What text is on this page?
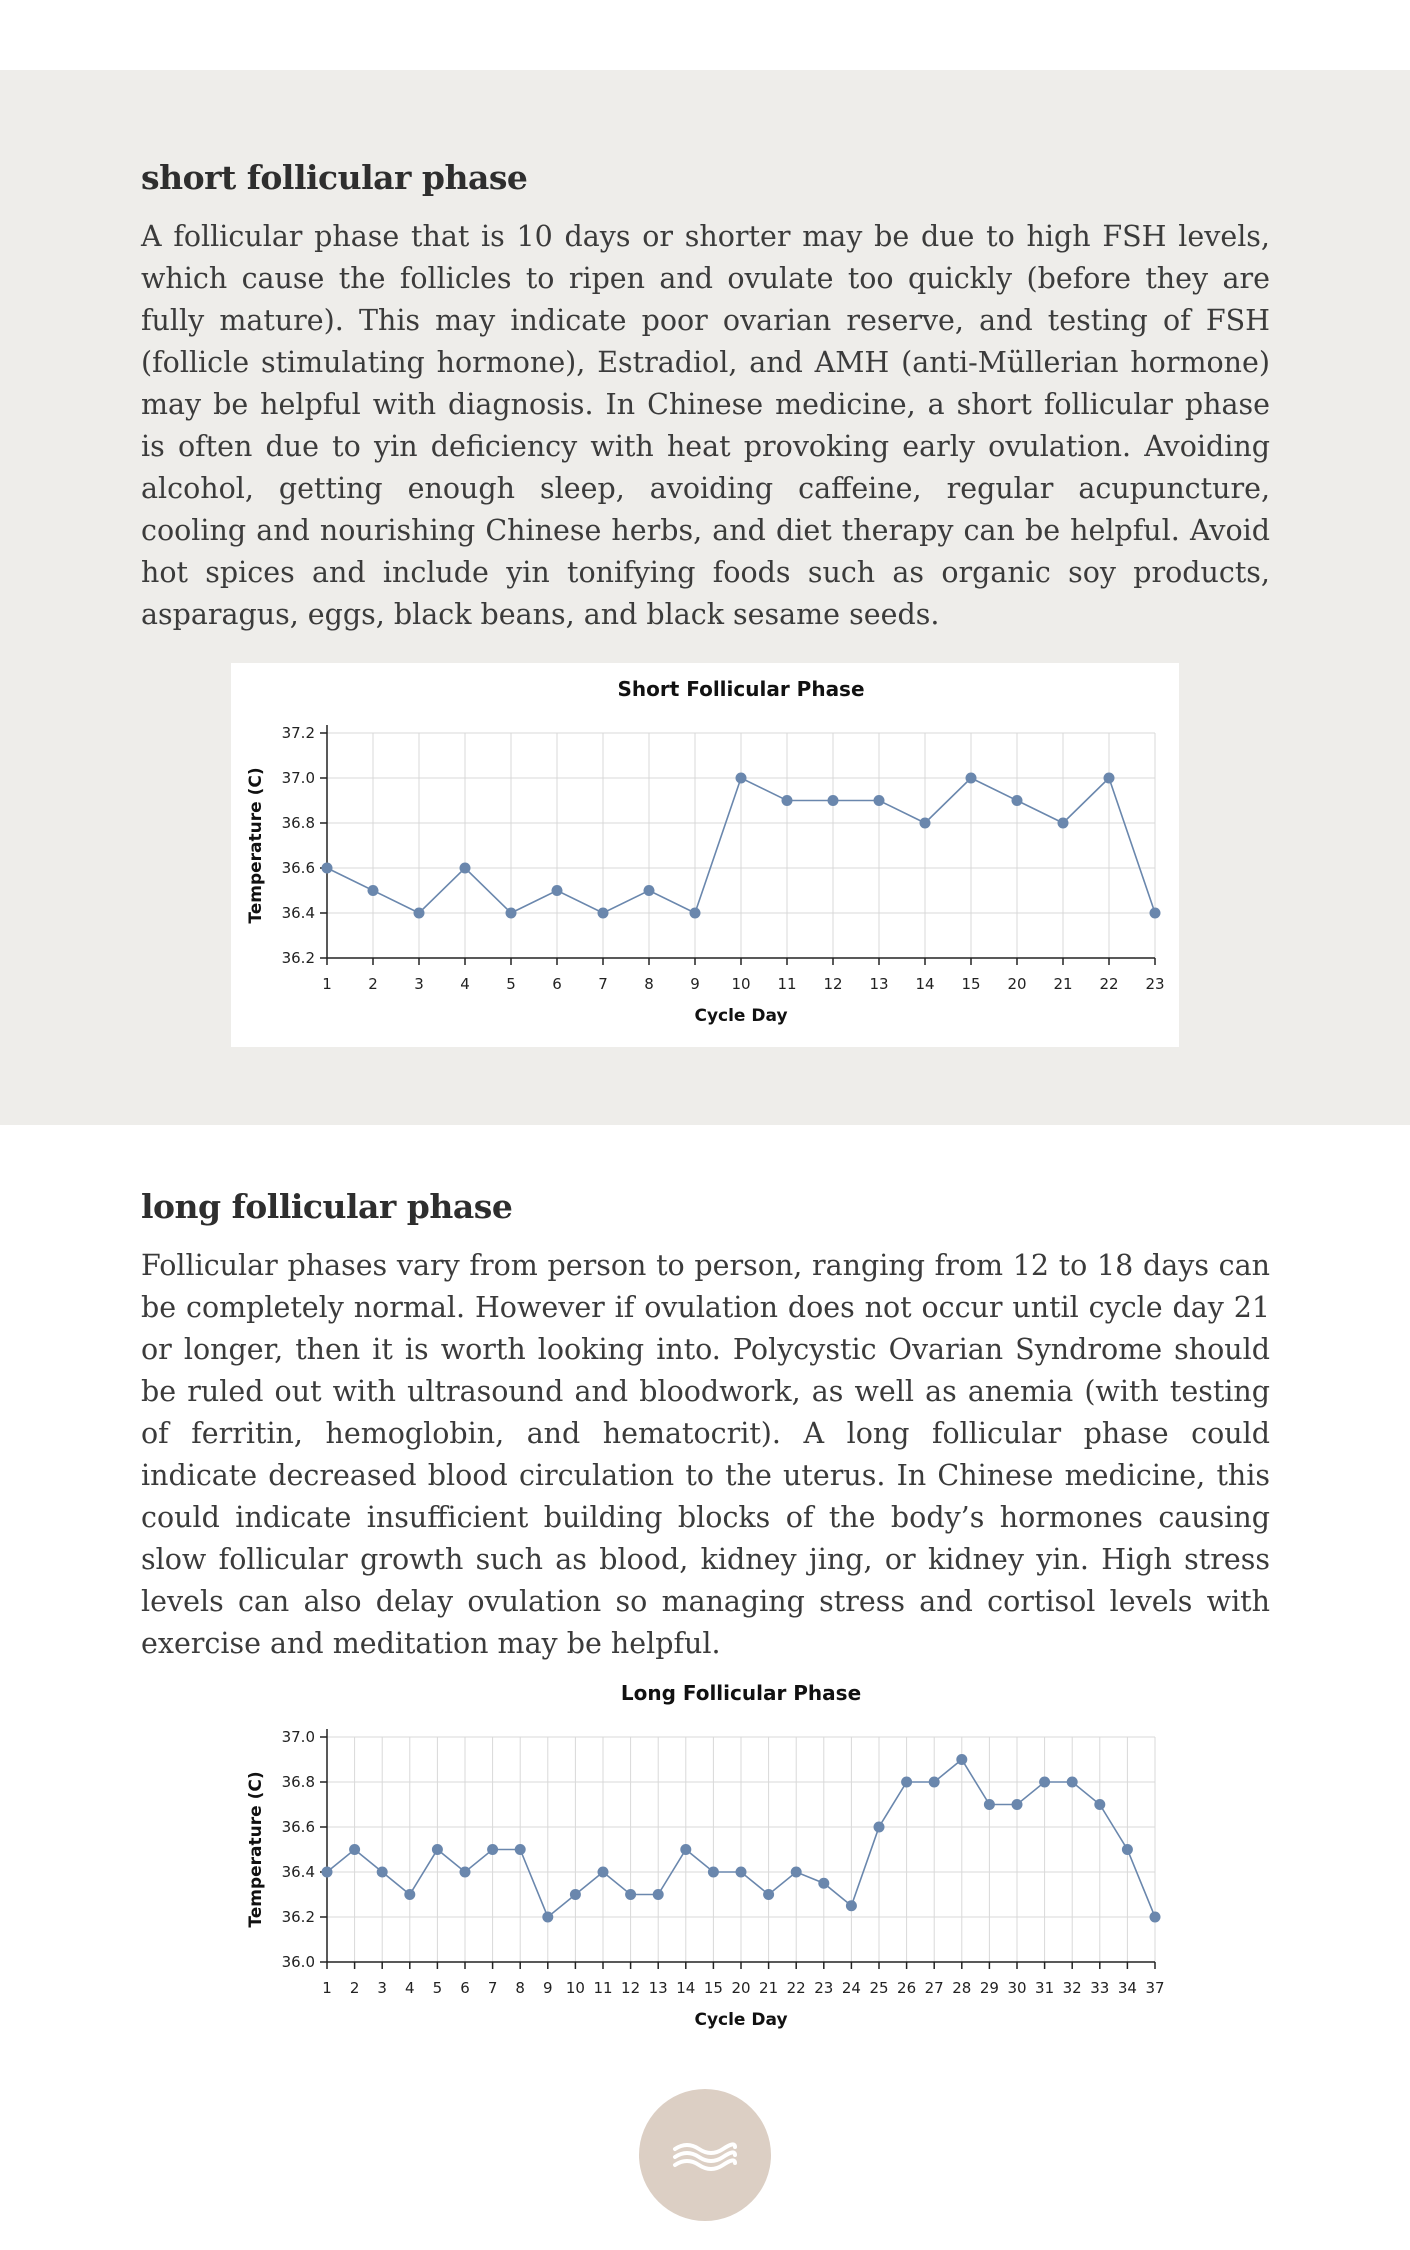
short follicular phase

A follicular phase that is 10 days or shorter may be due to high FSH levels, which cause the follicles to ripen and ovulate too quickly (before they are fully mature). This may indicate poor ovarian reserve, and testing of FSH (follicle stimulating hormone), Estradiol, and AMH (anti-Müllerian hormone) may be helpful with diagnosis. In Chinese medicine, a short follicular phase is often due to yin deficiency with heat provoking early ovulation. Avoiding alcohol, getting enough sleep, avoiding caffeine, regular acupuncture, cooling and nourishing Chinese herbs, and diet therapy can be helpful. Avoid hot spices and include yin tonifying foods such as organic soy products, asparagus, eggs, black beans, and black sesame seeds.

Short Follicular Phase
36.2
36.4
36.6
36.8
37.0
37.2
1 2 3 4 5 6 7 8 9 10 11 12 13 14 15 20 21 22 23
Cycle Day
Temperature (C)
long follicular phase

Follicular phases vary from person to person, ranging from 12 to 18 days can be completely normal. However if ovulation does not occur until cycle day 21 or longer, then it is worth looking into. Polycystic Ovarian Syndrome should be ruled out with ultrasound and bloodwork, as well as anemia (with testing of ferritin, hemoglobin, and hematocrit). A long follicular phase could indicate decreased blood circulation to the uterus. In Chinese medicine, this could indicate insufficient building blocks of the body’s hormones causing slow follicular growth such as blood, kidney jing, or kidney yin. High stress levels can also delay ovulation so managing stress and cortisol levels with exercise and meditation may be helpful.

Long Follicular Phase
36.0
36.2
36.4
36.6
36.8
37.0
1 2 3 4 5 6 7 8 9 10 11 12 13 14 15 20 21 22 23 24 25 26 27 28 29 30 31 32 33 34 37
Cycle Day
Temperature (C)
